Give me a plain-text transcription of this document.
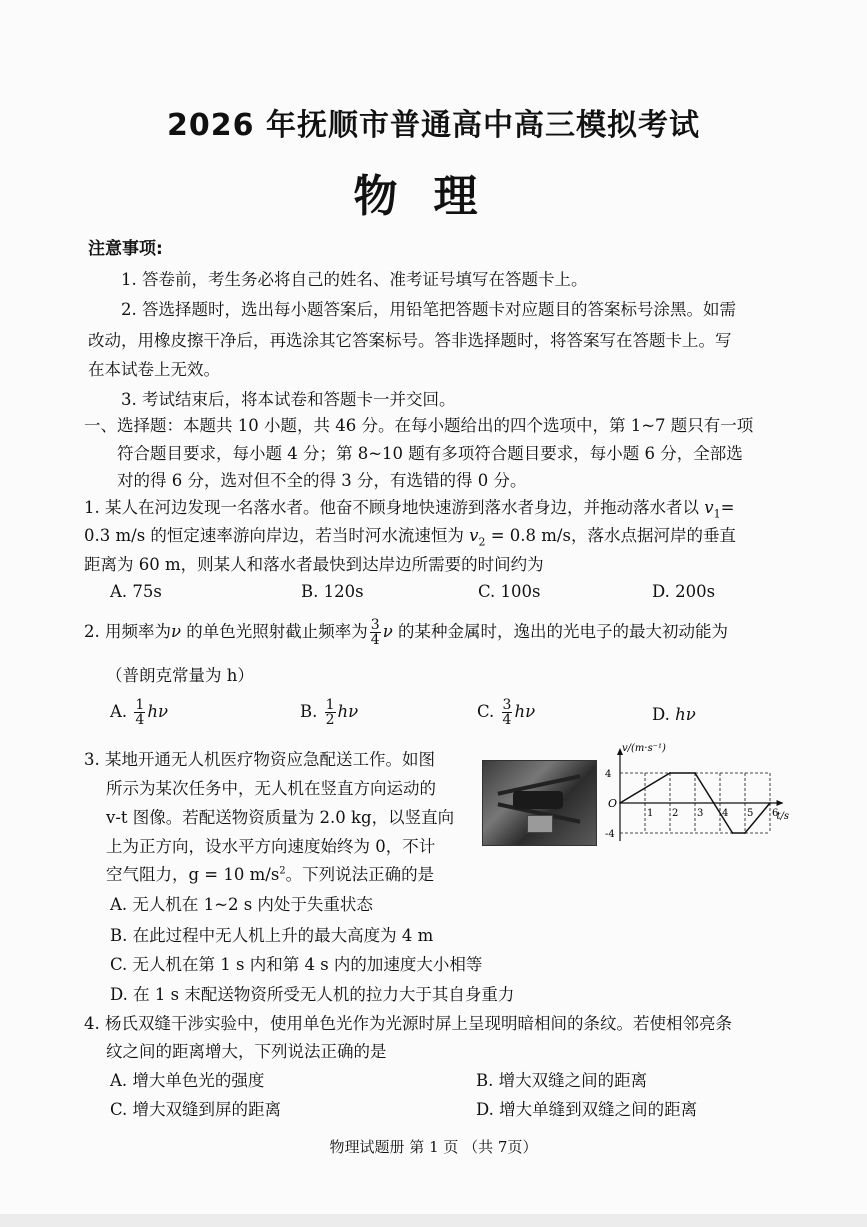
2026 年抚顺市普通高中高三模拟考试
物理
注意事项:
1. 答卷前，考生务必将自己的姓名、准考证号填写在答题卡上。
2. 答选择题时，选出每小题答案后，用铅笔把答题卡对应题目的答案标号涂黑。如需
改动，用橡皮擦干净后，再选涂其它答案标号。答非选择题时，将答案写在答题卡上。写
在本试卷上无效。
3. 考试结束后，将本试卷和答题卡一并交回。
一、选择题：本题共 10 小题，共 46 分。在每小题给出的四个选项中，第 1~7 题只有一项
符合题目要求，每小题 4 分；第 8~10 题有多项符合题目要求，每小题 6 分，全部选
对的得 6 分，选对但不全的得 3 分，有选错的得 0 分。
1. 某人在河边发现一名落水者。他奋不顾身地快速游到落水者身边，并拖动落水者以 $v_1=$
0.3 m/s 的恒定速率游向岸边，若当时河水流速恒为 $v_2 = 0.8$ m/s，落水点据河岸的垂直
距离为 60 m，则某人和落水者最快到达岸边所需要的时间约为
A. 75s	B. 120s	C. 100s	D. 200s
2. 用频率为ν 的单色光照射截止频率为 $\frac{3}{4}$ ν 的某种金属时，逸出的光电子的最大初动能为
（普朗克常量为 h）
A. $\frac{1}{4}$ hν	B. $\frac{1}{2}$ hν	C. $\frac{3}{4}$ hν	D. hν
3. 某地开通无人机医疗物资应急配送工作。如图
所示为某次任务中，无人机在竖直方向运动的
v-t 图像。若配送物资质量为 2.0 kg，以竖直向
上为正方向，设水平方向速度始终为 0，不计
空气阻力，g = 10 $m/s^2$。下列说法正确的是
v/(m·s⁻¹)
t/s
O
4
-4
1 2 3 4 5 6
A. 无人机在 1~2 s 内处于失重状态
B. 在此过程中无人机上升的最大高度为 4 m
C. 无人机在第 1 s 内和第 4 s 内的加速度大小相等
D. 在 1 s 末配送物资所受无人机的拉力大于其自身重力
4. 杨氏双缝干涉实验中，使用单色光作为光源时屏上呈现明暗相间的条纹。若使相邻亮条
纹之间的距离增大，下列说法正确的是
A. 增大单色光的强度	B. 增大双缝之间的距离
C. 增大双缝到屏的距离	D. 增大单缝到双缝之间的距离
物理试题册 第 1 页 （共 7页）
